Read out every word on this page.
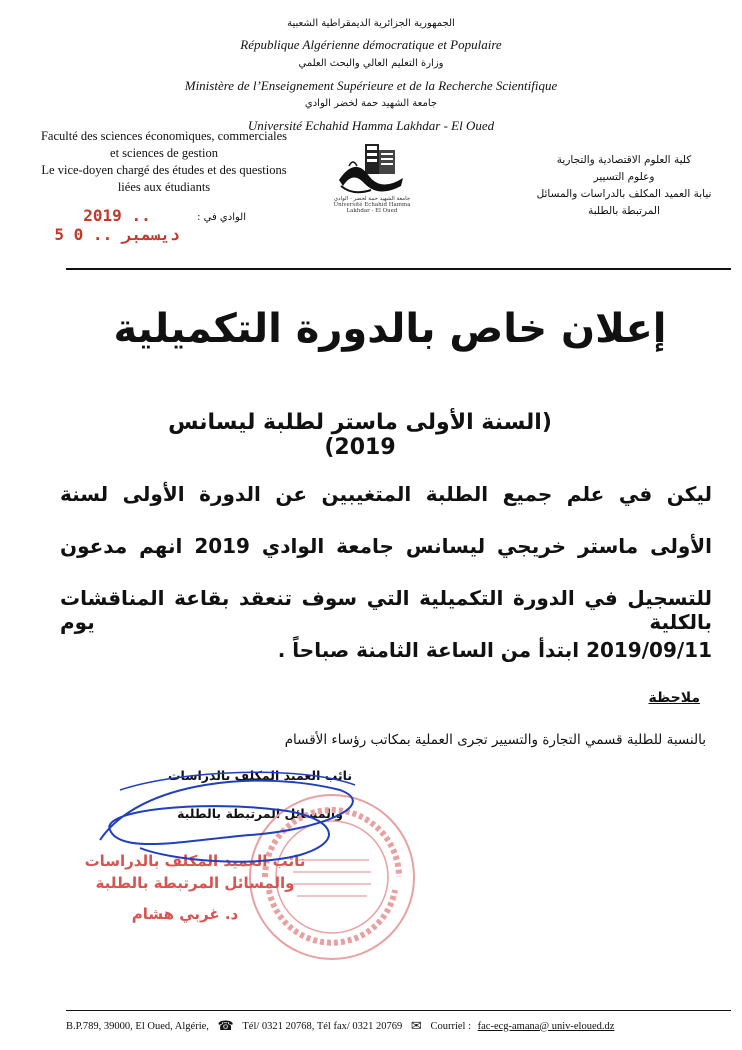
الجمهورية الجزائرية الديمقراطية الشعبية
République Algérienne démocratique et Populaire
وزارة التعليم العالي والبحث العلمي
Ministère de l’Enseignement Supérieure et de la Recherche Scientifique
جامعة الشهيد حمة لخضر الوادي
Université Echahid Hamma Lakhdar - El Oued
Faculté des sciences économiques, commerciales
et sciences de gestion
Le vice-doyen chargé des études et des questions
liées aux étudiants
كلية العلوم الاقتصادية والتجارية
وعلوم التسيير
نيابة العميد المكلف بالدراسات والمسائل
المرتبطة بالطلبة
جامعة الشهيد حمة لخضر - الوادي Université Echahid Hamma Lakhdar - El Oued
2019 .. ديسمبر .. 0 5
الوادي في :
إعلان خاص بالدورة التكميلية
(السنة الأولى ماستر لطلبة ليسانس 2019)
ليكن في علم جميع الطلبة المتغيبين عن الدورة الأولى لسنة
الأولى ماستر خريجي ليسانس جامعة الوادي 2019 انهم مدعون
للتسجيل في الدورة التكميلية التي سوف تنعقد بقاعة المناقشات بالكلية يوم
2019/09/11 ابتدأ من الساعة الثامنة صباحاً .
ملاحظة
بالنسبة للطلبة قسمي التجارة والتسيير تجرى العملية بمكاتب رؤساء الأقسام
نائب العميد المكلف بالدراسات
والمسائل المرتبطة بالطلبة
نائب العميد المكلف بالدراسات
والمسائل المرتبطة بالطلبة
د. غربي هشام
B.P.789, 39000, El Oued, Algérie, ☎ Tél/ 0321 20768, Tél fax/ 0321 20769 ✉ Courriel : fac-ecg-amana@ univ-eloued.dz
